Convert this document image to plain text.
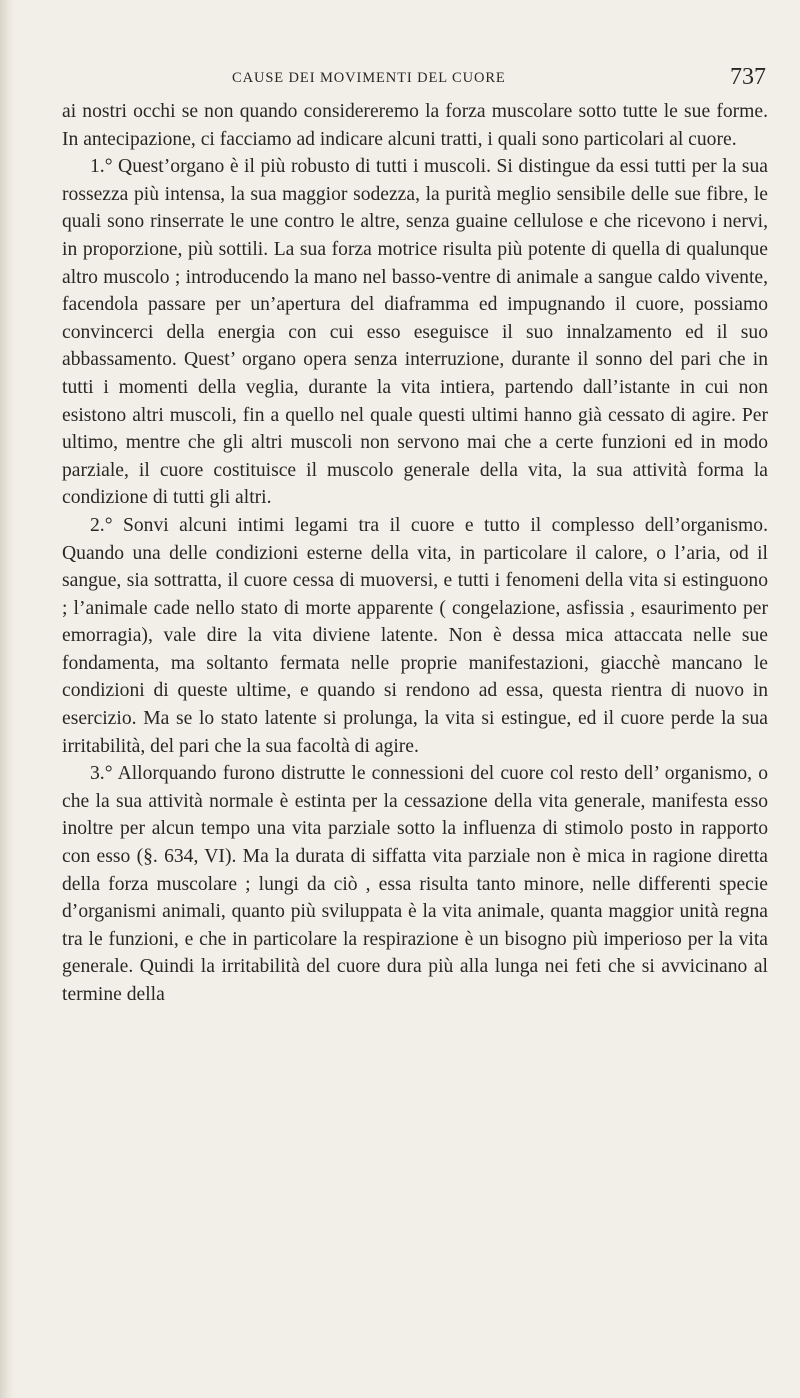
CAUSE DEI MOVIMENTI DEL CUORE	737

ai nostri occhi se non quando considereremo la forza muscolare sotto tutte le sue forme. In antecipazione, ci facciamo ad indicare alcuni tratti, i quali sono particolari al cuore.

1.° Quest’organo è il più robusto di tutti i muscoli. Si distingue da essi tutti per la sua rossezza più intensa, la sua maggior sodezza, la purità meglio sensibile delle sue fibre, le quali sono rinserrate le une contro le altre, senza guaine cellulose e che ricevono i nervi, in proporzione, più sottili. La sua forza motrice risulta più potente di quella di qualunque altro muscolo ; introducendo la mano nel basso-ventre di animale a sangue caldo vivente, facendola passare per un’apertura del diaframma ed impugnando il cuore, possiamo convincerci della energia con cui esso eseguisce il suo innalzamento ed il suo abbassamento. Quest’ organo opera senza interruzione, durante il sonno del pari che in tutti i momenti della veglia, durante la vita intiera, partendo dall’istante in cui non esistono altri muscoli, fin a quello nel quale questi ultimi hanno già cessato di agire. Per ultimo, mentre che gli altri muscoli non servono mai che a certe funzioni ed in modo parziale, il cuore costituisce il muscolo generale della vita, la sua attività forma la condizione di tutti gli altri.

2.° Sonvi alcuni intimi legami tra il cuore e tutto il complesso dell’organismo. Quando una delle condizioni esterne della vita, in particolare il calore, o l’aria, od il sangue, sia sottratta, il cuore cessa di muoversi, e tutti i fenomeni della vita si estinguono ; l’animale cade nello stato di morte apparente ( congelazione, asfissia , esaurimento per emorragia), vale dire la vita diviene latente. Non è dessa mica attaccata nelle sue fondamenta, ma soltanto fermata nelle proprie manifestazioni, giacchè mancano le condizioni di queste ultime, e quando si rendono ad essa, questa rientra di nuovo in esercizio. Ma se lo stato latente si prolunga, la vita si estingue, ed il cuore perde la sua irritabilità, del pari che la sua facoltà di agire.

3.° Allorquando furono distrutte le connessioni del cuore col resto dell’ organismo, o che la sua attività normale è estinta per la cessazione della vita generale, manifesta esso inoltre per alcun tempo una vita parziale sotto la influenza di stimolo posto in rapporto con esso (§. 634, VI). Ma la durata di siffatta vita parziale non è mica in ragione diretta della forza muscolare ; lungi da ciò , essa risulta tanto minore, nelle differenti specie d’organismi animali, quanto più sviluppata è la vita animale, quanta maggior unità regna tra le funzioni, e che in particolare la respirazione è un bisogno più imperioso per la vita generale. Quindi la irritabilità del cuore dura più alla lunga nei feti che si avvicinano al termine della
